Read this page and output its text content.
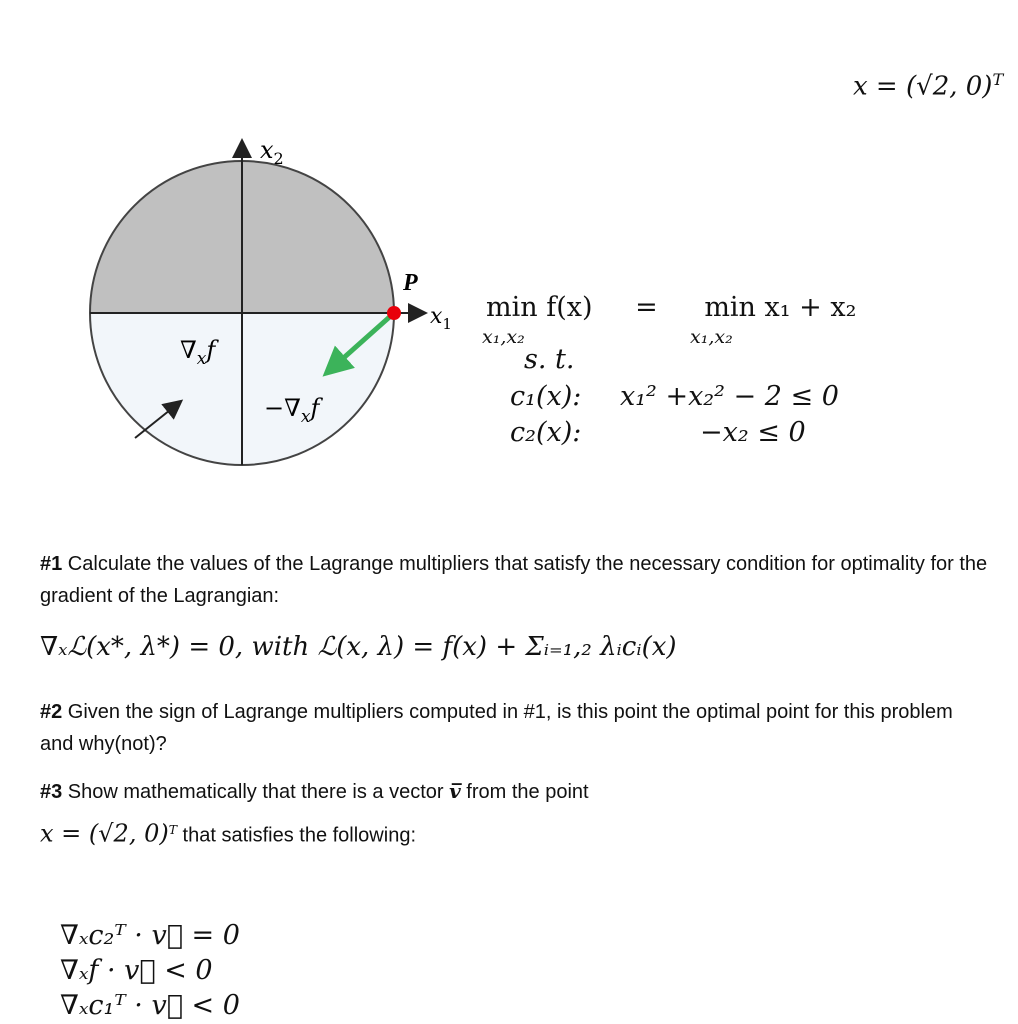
x = (√2, 0)$^T$
$x_2$
$x_1$
P
$\nabla_xf$
$-\nabla_xf$
min f(x) = min x₁ + x₂
x₁,x₂	x₁,x₂
s. t.
c₁(x): x₁² +x₂² − 2 ≤ 0
c₂(x):	−x₂ ≤ 0
#1 Calculate the values of the Lagrange multipliers that satisfy the necessary condition for optimality for the gradient of the Lagrangian:
∇ₓℒ(x*, λ*) = 0, with ℒ(x, λ) = f(x) + Σᵢ₌₁,₂ λᵢcᵢ(x)
#2 Given the sign of Lagrange multipliers computed in #1, is this point the optimal point for this problem and why(not)?
#3 Show mathematically that there is a vector v̅ from the point
x = (√2, 0)$^T$ that satisfies the following:
∇ₓc₂ᵀ · v⃗ = 0
∇ₓf · v⃗ < 0
∇ₓc₁ᵀ · v⃗ < 0
